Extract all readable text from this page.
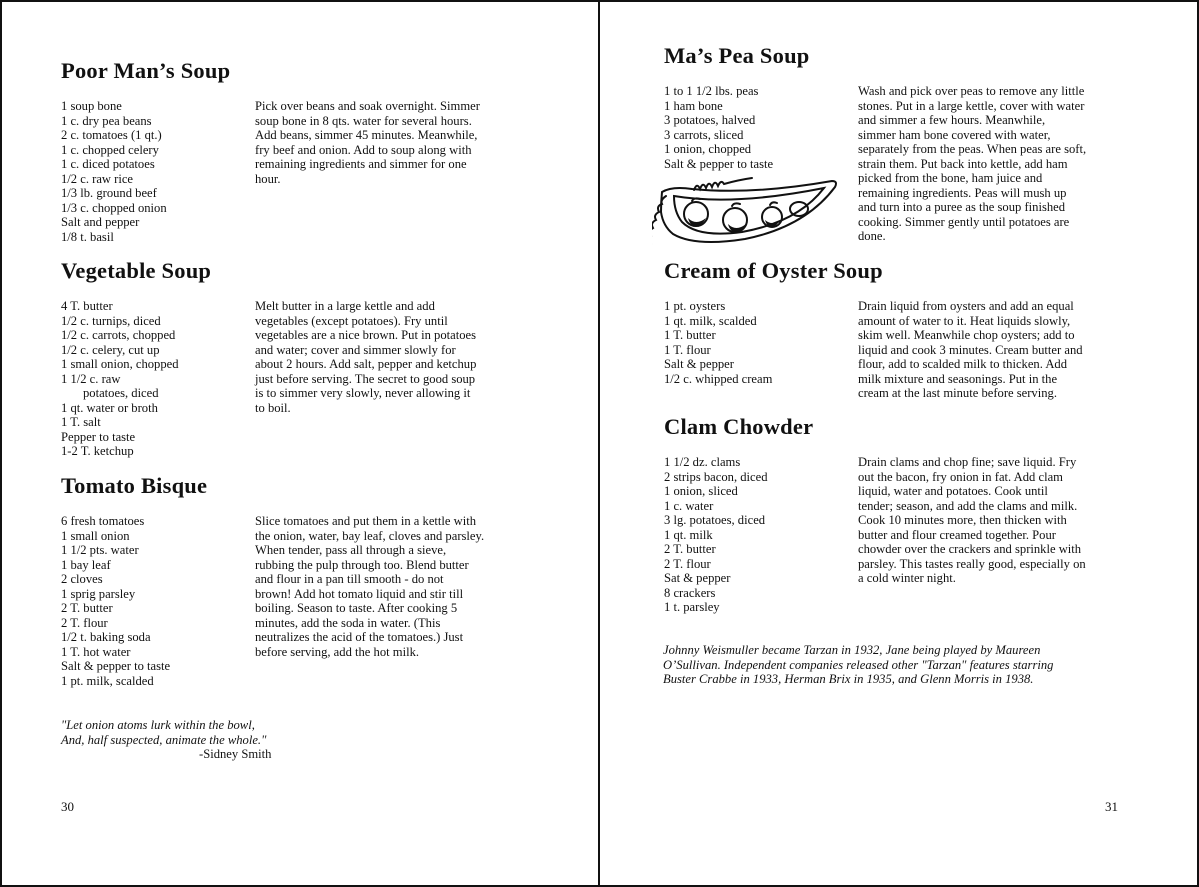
Poor Man’s Soup
1 soup bone
1 c. dry pea beans
2 c. tomatoes (1 qt.)
1 c. chopped celery
1 c. diced potatoes
1/2 c. raw rice
1/3 lb. ground beef
1/3 c. chopped onion
Salt and pepper
1/8 t. basil
Pick over beans and soak overnight. Simmer
soup bone in 8 qts. water for several hours.
Add beans, simmer 45 minutes. Meanwhile,
fry beef and onion. Add to soup along with
remaining ingredients and simmer for one
hour.
Vegetable Soup
4 T. butter
1/2 c. turnips, diced
1/2 c. carrots, chopped
1/2 c. celery, cut up
1 small onion, chopped
1 1/2 c. raw
potatoes, diced
1 qt. water or broth
1 T. salt
Pepper to taste
1-2 T. ketchup
Melt butter in a large kettle and add
vegetables (except potatoes). Fry until
vegetables are a nice brown. Put in potatoes
and water; cover and simmer slowly for
about 2 hours. Add salt, pepper and ketchup
just before serving. The secret to good soup
is to simmer very slowly, never allowing it
to boil.
Tomato Bisque
6 fresh tomatoes
1 small onion
1 1/2 pts. water
1 bay leaf
2 cloves
1 sprig parsley
2 T. butter
2 T. flour
1/2 t. baking soda
1 T. hot water
Salt & pepper to taste
1 pt. milk, scalded
Slice tomatoes and put them in a kettle with
the onion, water, bay leaf, cloves and parsley.
When tender, pass all through a sieve,
rubbing the pulp through too. Blend butter
and flour in a pan till smooth - do not
brown! Add hot tomato liquid and stir till
boiling. Season to taste. After cooking 5
minutes, add the soda in water. (This
neutralizes the acid of the tomatoes.) Just
before serving, add the hot milk.
"Let onion atoms lurk within the bowl,
And, half suspected, animate the whole."
-Sidney Smith
30
Ma’s Pea Soup
1 to 1 1/2 lbs. peas
1 ham bone
3 potatoes, halved
3 carrots, sliced
1 onion, chopped
Salt & pepper to taste
Wash and pick over peas to remove any little
stones. Put in a large kettle, cover with water
and simmer a few hours. Meanwhile,
simmer ham bone covered with water,
separately from the peas. When peas are soft,
strain them. Put back into kettle, add ham
picked from the bone, ham juice and
remaining ingredients. Peas will mush up
and turn into a puree as the soup finished
cooking. Simmer gently until potatoes are
done.
Cream of Oyster Soup
1 pt. oysters
1 qt. milk, scalded
1 T. butter
1 T. flour
Salt & pepper
1/2 c. whipped cream
Drain liquid from oysters and add an equal
amount of water to it. Heat liquids slowly,
skim well. Meanwhile chop oysters; add to
liquid and cook 3 minutes. Cream butter and
flour, add to scalded milk to thicken. Add
milk mixture and seasonings. Put in the
cream at the last minute before serving.
Clam Chowder
1 1/2 dz. clams
2 strips bacon, diced
1 onion, sliced
1 c. water
3 lg. potatoes, diced
1 qt. milk
2 T. butter
2 T. flour
Sat & pepper
8 crackers
1 t. parsley
Drain clams and chop fine; save liquid. Fry
out the bacon, fry onion in fat. Add clam
liquid, water and potatoes. Cook until
tender; season, and add the clams and milk.
Cook 10 minutes more, then thicken with
butter and flour creamed together. Pour
chowder over the crackers and sprinkle with
parsley. This tastes really good, especially on
a cold winter night.
Johnny Weismuller became Tarzan in 1932, Jane being played by Maureen
O’Sullivan. Independent companies released other "Tarzan" features starring
Buster Crabbe in 1933, Herman Brix in 1935, and Glenn Morris in 1938.
31
